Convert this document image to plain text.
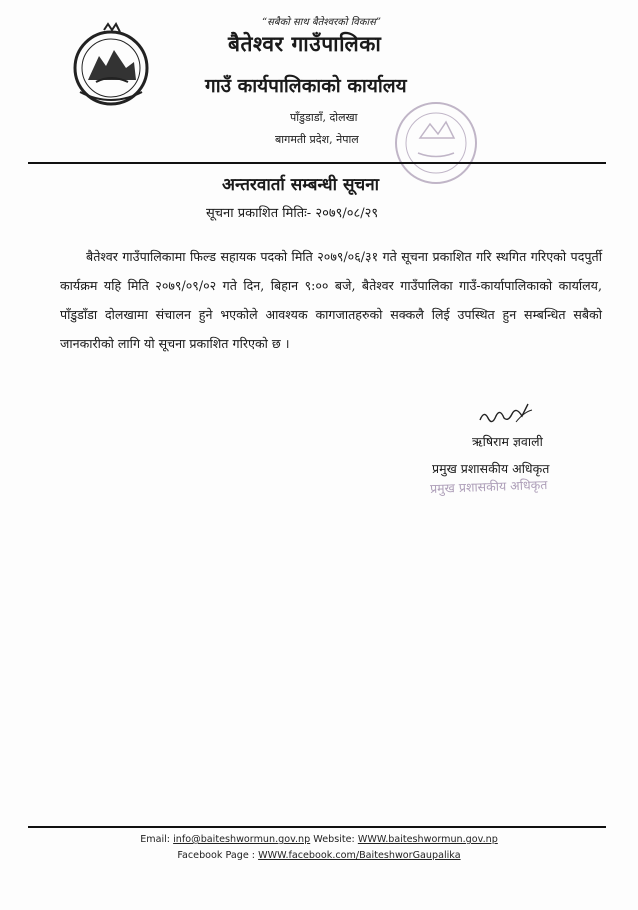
“सबैको साथ बैतेश्वरको विकास”
बैतेश्वर गाउँपालिका
गाउँ कार्यपालिकाको कार्यालय
पाँडुडाडाँ, दोलखा
बागमती प्रदेश, नेपाल
अन्तरवार्ता सम्बन्धी सूचना
सूचना प्रकाशित मितिः- २०७९/०८/२९
बैतेश्वर गाउँपालिकामा फिल्ड सहायक पदको मिति २०७९/०६/३१ गते सूचना प्रकाशित गरि स्थगित गरिएको पदपुर्ती कार्यक्रम यहि मिति २०७९/०९/०२ गते दिन, बिहान ९:०० बजे, बैतेश्वर गाउँपालिका गाउँ-कार्यापालिकाको कार्यालय, पाँडुडाँडा दोलखामा संचालन हुने भएकोले आवश्यक कागजातहरुको सक्कलै लिई उपस्थित हुन सम्बन्धित सबैको जानकारीको लागि यो सूचना प्रकाशित गरिएको छ ।
ऋषिराम ज्ञवाली
प्रमुख प्रशासकीय अधिकृत
प्रमुख प्रशासकीय अधिकृत
Email: info@baiteshwormun.gov.np Website: WWW.baiteshwormun.gov.np
Facebook Page : WWW.facebook.com/BaiteshworGaupalika
